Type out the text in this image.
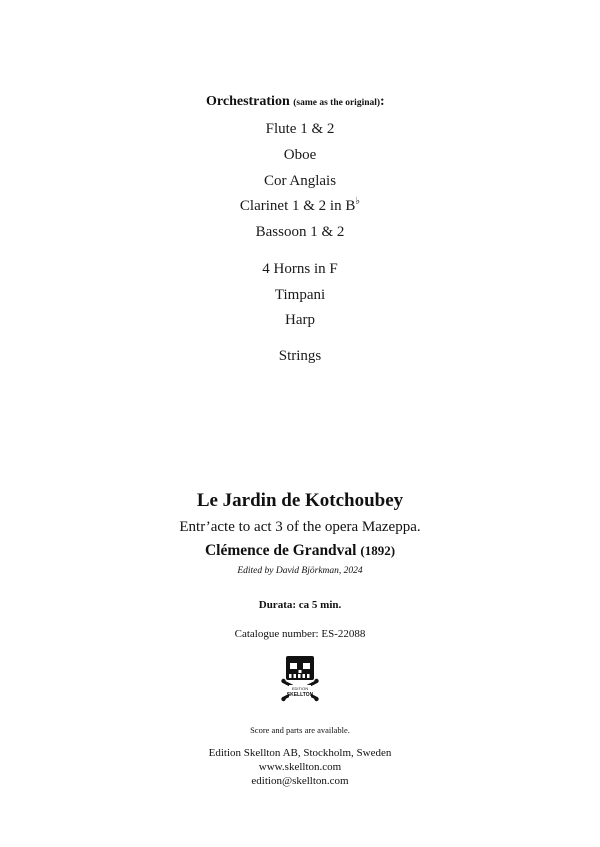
Orchestration (same as the original):
Flute 1 & 2
Oboe
Cor Anglais
Clarinet 1 & 2 in B♭
Bassoon 1 & 2
4 Horns in F
Timpani
Harp
Strings
Le Jardin de Kotchoubey
Entr’acte to act 3 of the opera Mazeppa.
Clémence de Grandval (1892)
Edited by David Björkman, 2024
Durata: ca 5 min.
Catalogue number: ES-22088
EDITION
SKELLTON
Score and parts are available.
Edition Skellton AB, Stockholm, Sweden
www.skellton.com
edition@skellton.com
